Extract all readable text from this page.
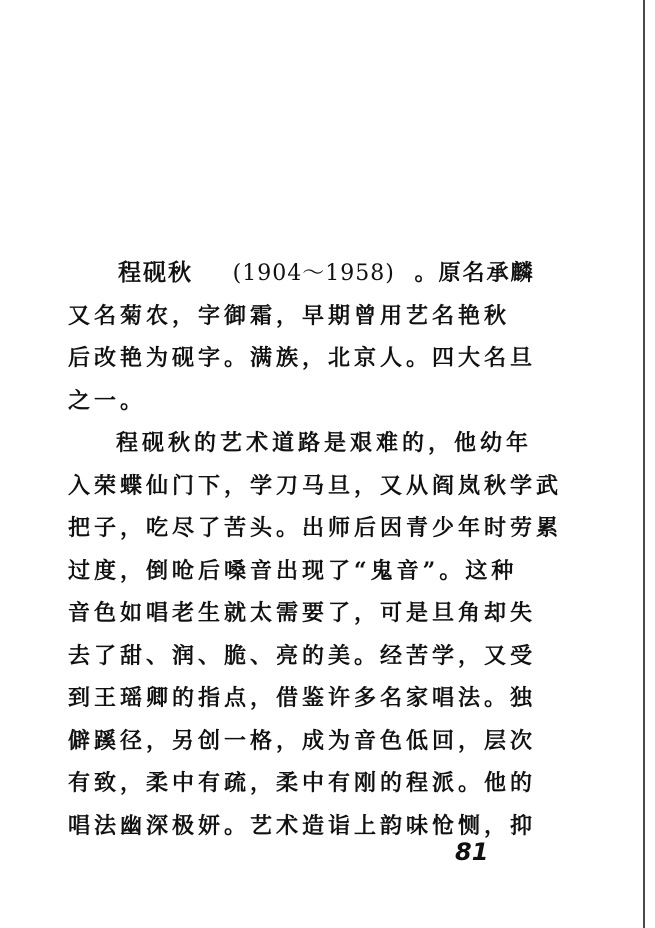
程砚秋 (1904～1958) 。原名承麟
又名菊农，字御霜，早期曾用艺名艳秋
后改艳为砚字。满族，北京人。四大名旦
之一。
程砚秋的艺术道路是艰难的，他幼年
入荣蝶仙门下，学刀马旦，又从阎岚秋学武
把子，吃尽了苦头。出师后因青少年时劳累
过度，倒呛后嗓音出现了“鬼音”。这种
音色如唱老生就太需要了，可是旦角却失
去了甜、润、脆、亮的美。经苦学，又受
到王瑶卿的指点，借鉴许多名家唱法。独
僻蹊径，另创一格，成为音色低回，层次
有致，柔中有疏，柔中有刚的程派。他的
唱法幽深极妍。艺术造诣上韵味怆恻，抑
81
